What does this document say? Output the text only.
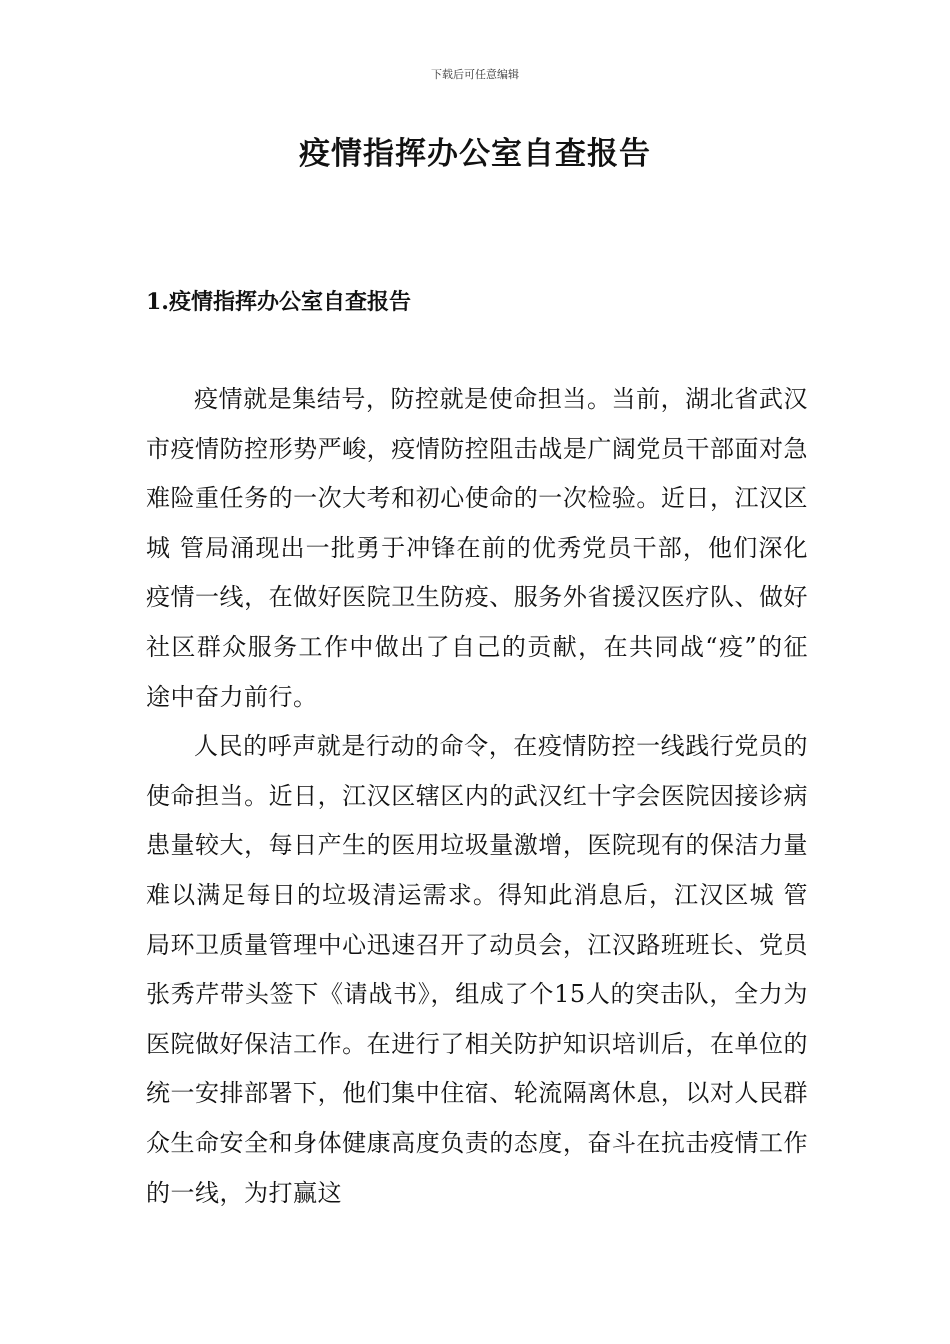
下载后可任意编辑
疫情指挥办公室自查报告
1.疫情指挥办公室自查报告

疫情就是集结号，防控就是使命担当。当前，湖北省武汉市疫情防控形势严峻，疫情防控阻击战是广阔党员干部面对急难险重任务的一次大考和初心使命的一次检验。近日，江汉区城 管局涌现出一批勇于冲锋在前的优秀党员干部，他们深化疫情一线，在做好医院卫生防疫、服务外省援汉医疗队、做好社区群众服务工作中做出了自己的贡献，在共同战“疫”的征途中奋力前行。

人民的呼声就是行动的命令，在疫情防控一线践行党员的使命担当。近日，江汉区辖区内的武汉红十字会医院因接诊病患量较大，每日产生的医用垃圾量激增，医院现有的保洁力量难以满足每日的垃圾清运需求。得知此消息后，江汉区城 管局环卫质量管理中心迅速召开了动员会，江汉路班班长、党员张秀芹带头签下《请战书》，组成了个15人的突击队，全力为医院做好保洁工作。在进行了相关防护知识培训后，在单位的统一安排部署下，他们集中住宿、轮流隔离休息，以对人民群众生命安全和身体健康高度负责的态度，奋斗在抗击疫情工作的一线，为打赢这
